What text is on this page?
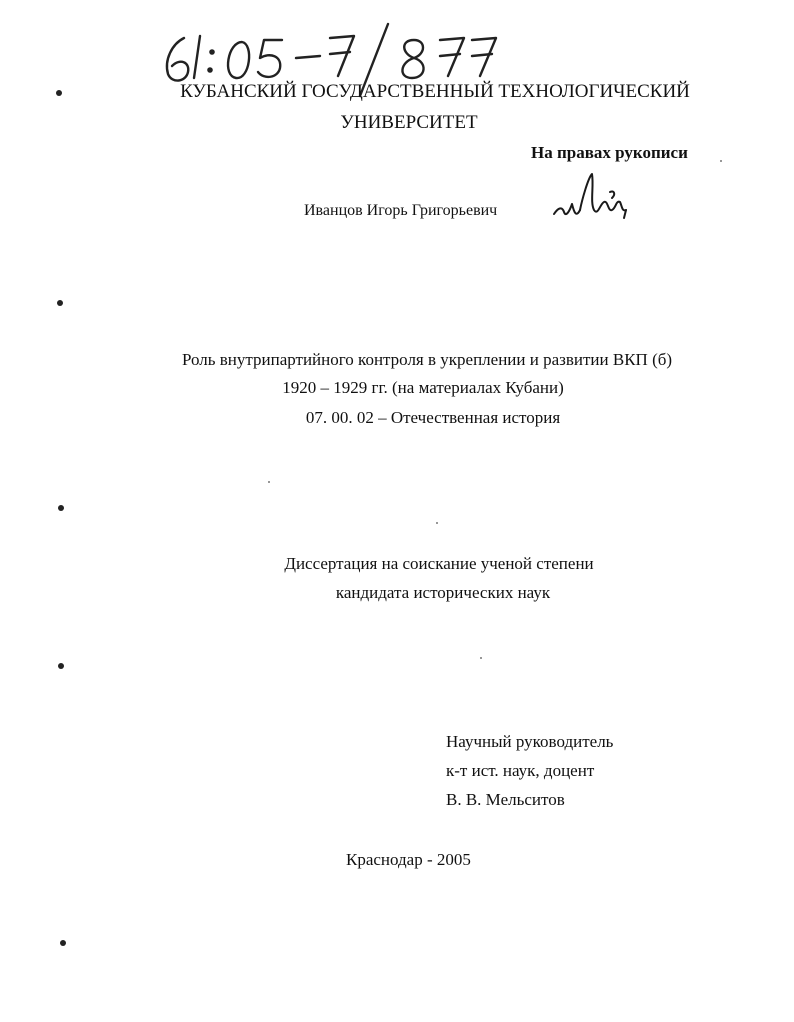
КУБАНСКИЙ ГОСУДАРСТВЕННЫЙ ТЕХНОЛОГИЧЕСКИЙ
УНИВЕРСИТЕТ
На правах рукописи
Иванцов Игорь Григорьевич
Роль внутрипартийного контроля в укреплении и развитии ВКП (б)
1920 – 1929 гг. (на материалах Кубани)
07. 00. 02 – Отечественная история
Диссертация на соискание ученой степени
кандидата исторических наук
Научный руководитель
к-т ист. наук, доцент
В. В. Мельситов
Краснодар - 2005
